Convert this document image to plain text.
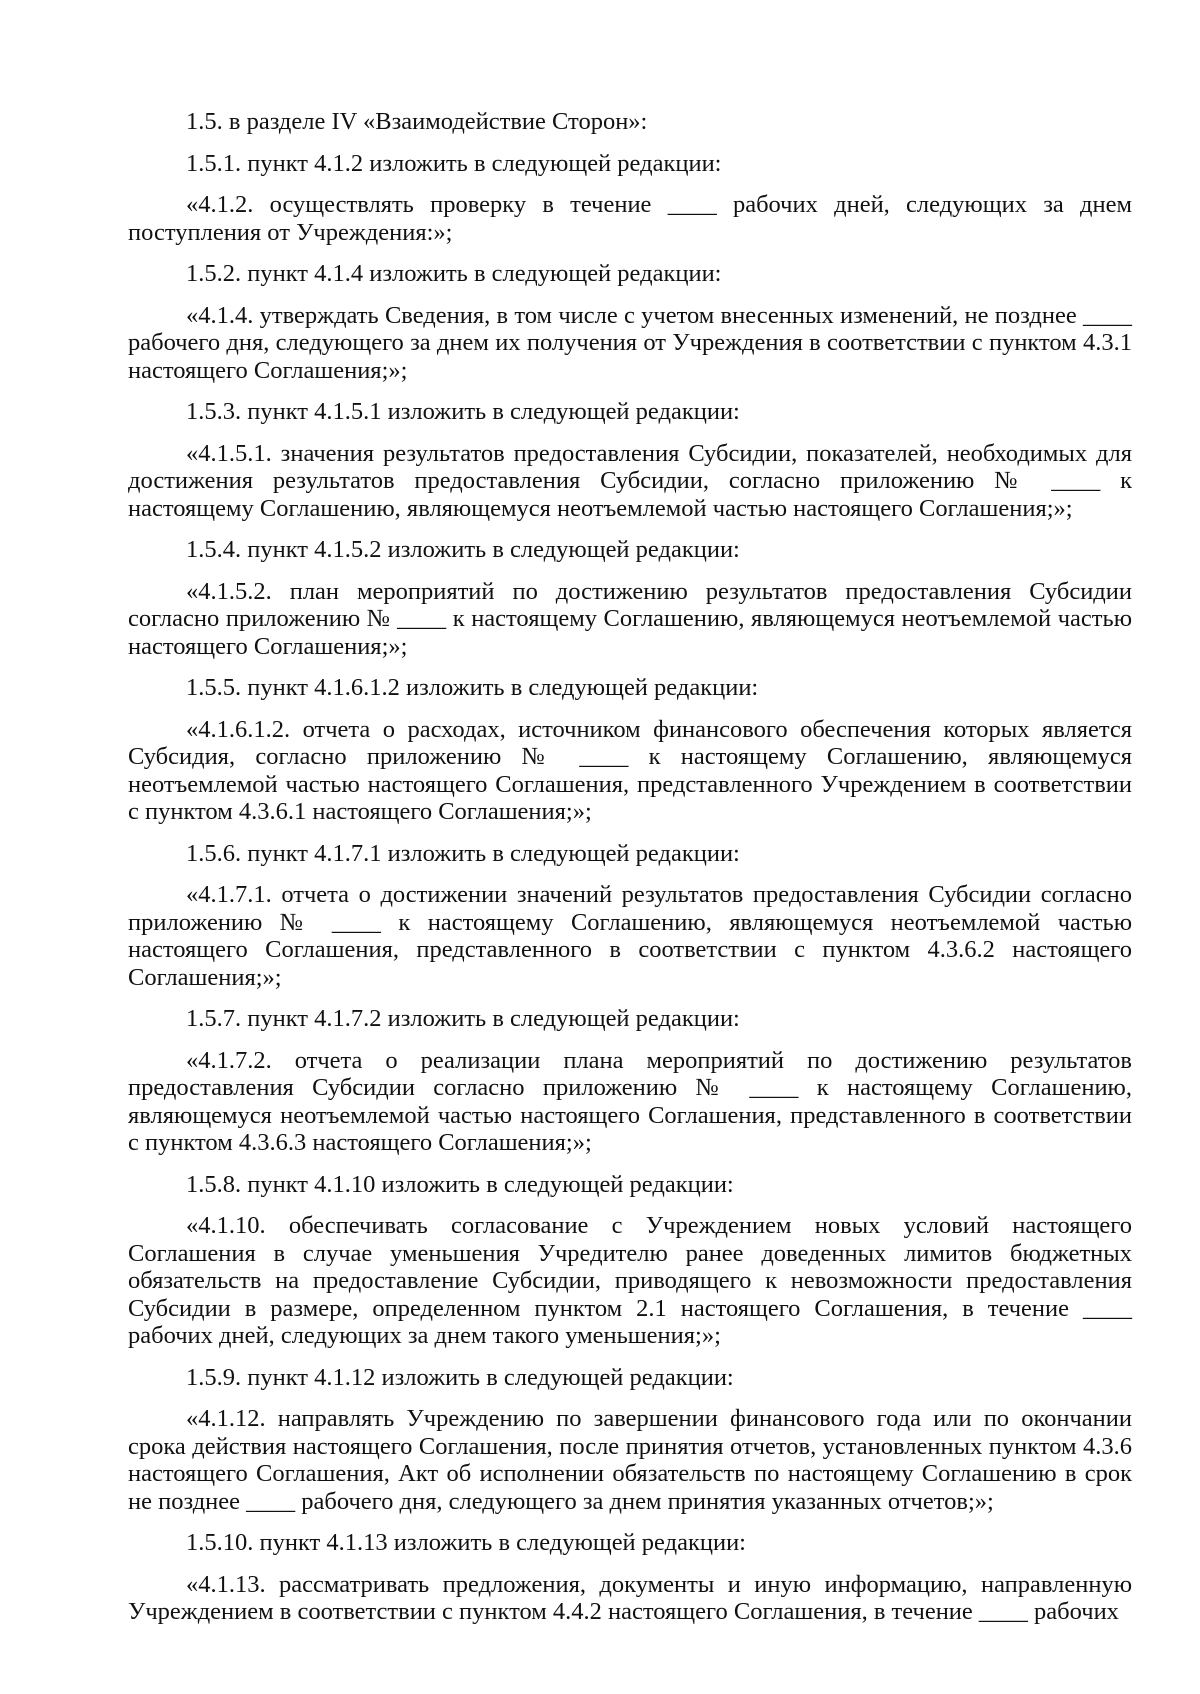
1.5. в разделе IV «Взаимодействие Сторон»:

1.5.1. пункт 4.1.2 изложить в следующей редакции:

«4.1.2. осуществлять проверку в течение ____ рабочих дней, следующих за днем поступления от Учреждения:»;

1.5.2. пункт 4.1.4 изложить в следующей редакции:

«4.1.4. утверждать Сведения, в том числе с учетом внесенных изменений, не позднее ____ рабочего дня, следующего за днем их получения от Учреждения в соответствии с пунктом 4.3.1 настоящего Соглашения;»;

1.5.3. пункт 4.1.5.1 изложить в следующей редакции:

«4.1.5.1. значения результатов предоставления Субсидии, показателей, необходимых для достижения результатов предоставления Субсидии, согласно приложению № ____ к настоящему Соглашению, являющемуся неотъемлемой частью настоящего Соглашения;»;

1.5.4. пункт 4.1.5.2 изложить в следующей редакции:

«4.1.5.2. план мероприятий по достижению результатов предоставления Субсидии согласно приложению № ____ к настоящему Соглашению, являющемуся неотъемлемой частью настоящего Соглашения;»;

1.5.5. пункт 4.1.6.1.2 изложить в следующей редакции:

«4.1.6.1.2. отчета о расходах, источником финансового обеспечения которых является Субсидия, согласно приложению № ____ к настоящему Соглашению, являющемуся неотъемлемой частью настоящего Соглашения, представленного Учреждением в соответствии с пунктом 4.3.6.1 настоящего Соглашения;»;

1.5.6. пункт 4.1.7.1 изложить в следующей редакции:

«4.1.7.1. отчета о достижении значений результатов предоставления Субсидии согласно приложению № ____ к настоящему Соглашению, являющемуся неотъемлемой частью настоящего Соглашения, представленного в соответствии с пунктом 4.3.6.2 настоящего Соглашения;»;

1.5.7. пункт 4.1.7.2 изложить в следующей редакции:

«4.1.7.2. отчета о реализации плана мероприятий по достижению результатов предоставления Субсидии согласно приложению № ____ к настоящему Соглашению, являющемуся неотъемлемой частью настоящего Соглашения, представленного в соответствии с пунктом 4.3.6.3 настоящего Соглашения;»;

1.5.8. пункт 4.1.10 изложить в следующей редакции:

«4.1.10. обеспечивать согласование с Учреждением новых условий настоящего Соглашения в случае уменьшения Учредителю ранее доведенных лимитов бюджетных обязательств на предоставление Субсидии, приводящего к невозможности предоставления Субсидии в размере, определенном пунктом 2.1 настоящего Соглашения, в течение ____ рабочих дней, следующих за днем такого уменьшения;»;

1.5.9. пункт 4.1.12 изложить в следующей редакции:

«4.1.12. направлять Учреждению по завершении финансового года или по окончании срока действия настоящего Соглашения, после принятия отчетов, установленных пунктом 4.3.6 настоящего Соглашения, Акт об исполнении обязательств по настоящему Соглашению в срок не позднее ____ рабочего дня, следующего за днем принятия указанных отчетов;»;

1.5.10. пункт 4.1.13 изложить в следующей редакции:

«4.1.13. рассматривать предложения, документы и иную информацию, направленную Учреждением в соответствии с пунктом 4.4.2 настоящего Соглашения, в течение ____ рабочих
